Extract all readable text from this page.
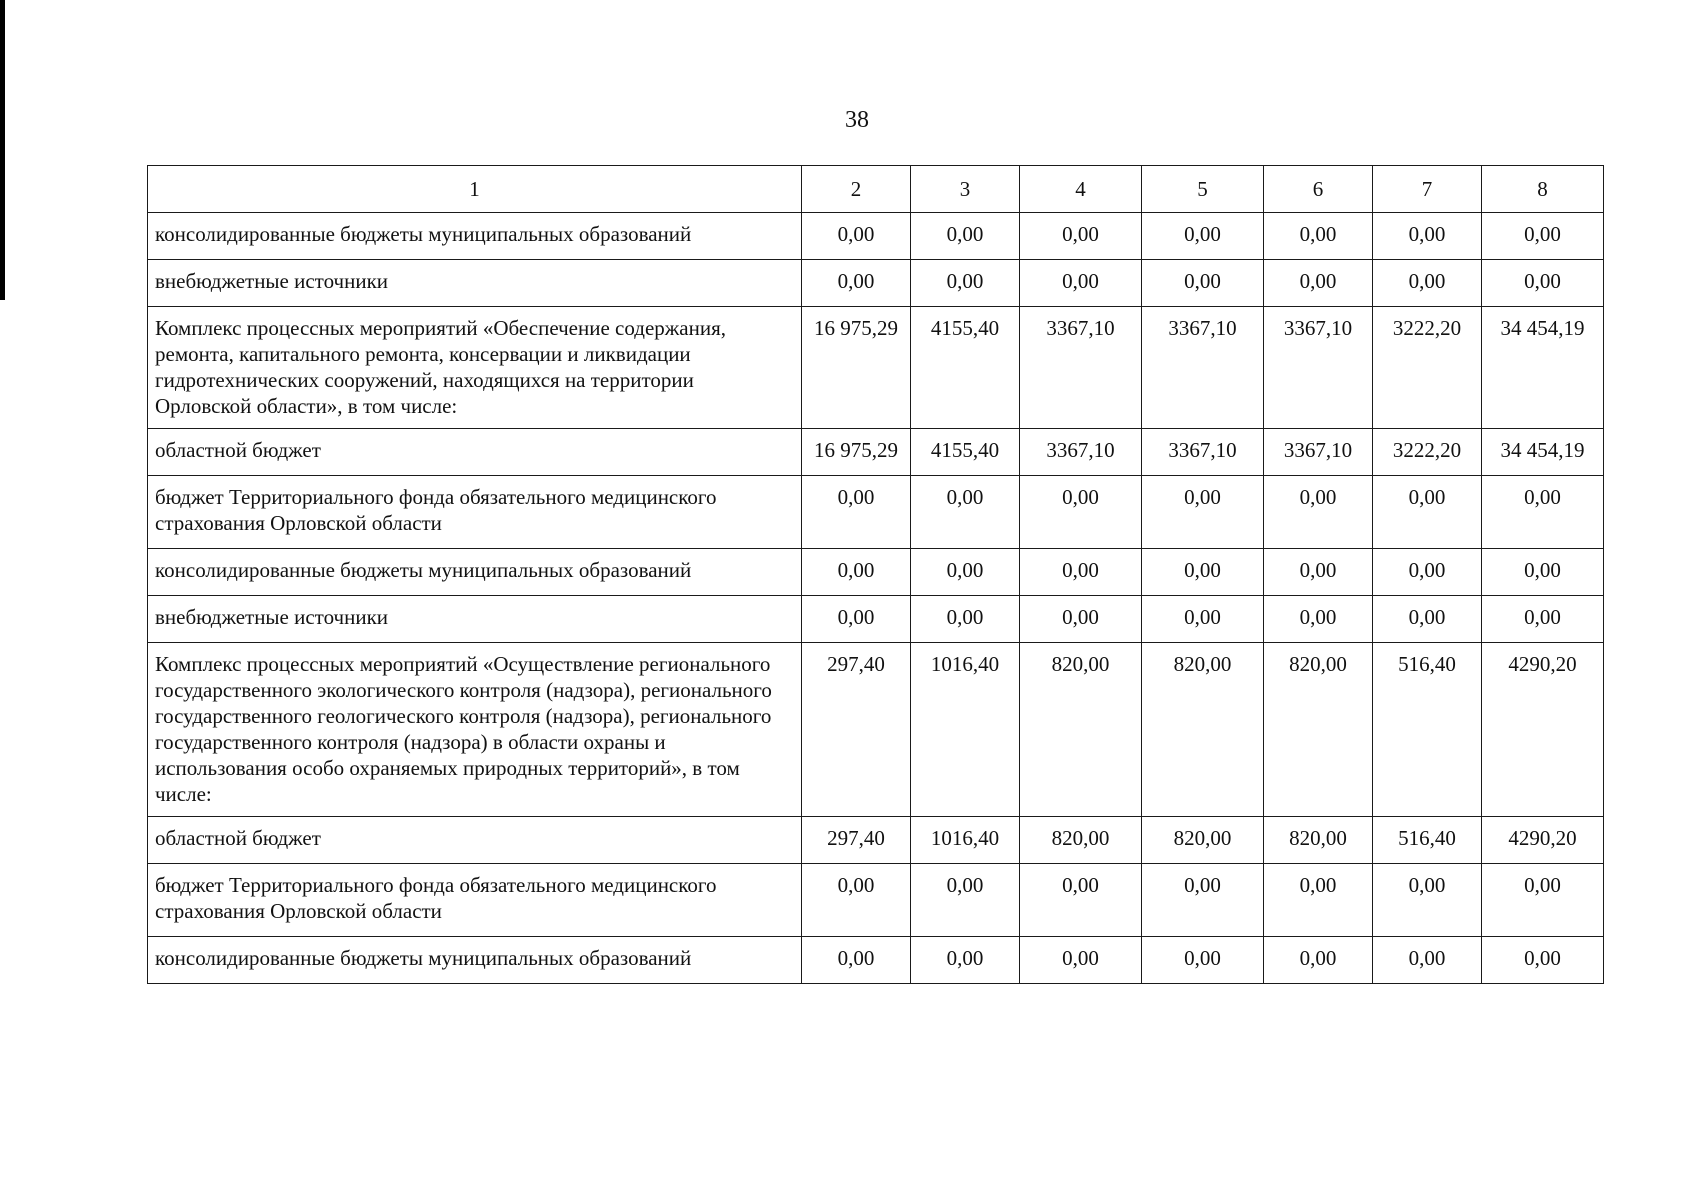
38
1	2	3	4	5	6	7	8
консолидированные бюджеты муниципальных образований	0,00	0,00	0,00	0,00	0,00	0,00	0,00
внебюджетные источники	0,00	0,00	0,00	0,00	0,00	0,00	0,00
Комплекс процессных мероприятий «Обеспечение содержания, ремонта, капитального ремонта, консервации и ликвидации гидротехнических сооружений, находящихся на территории Орловской области», в том числе:	16 975,29	4155,40	3367,10	3367,10	3367,10	3222,20	34 454,19
областной бюджет	16 975,29	4155,40	3367,10	3367,10	3367,10	3222,20	34 454,19
бюджет Территориального фонда обязательного медицинского страхования Орловской области	0,00	0,00	0,00	0,00	0,00	0,00	0,00
консолидированные бюджеты муниципальных образований	0,00	0,00	0,00	0,00	0,00	0,00	0,00
внебюджетные источники	0,00	0,00	0,00	0,00	0,00	0,00	0,00
Комплекс процессных мероприятий «Осуществление регионального государственного экологического контроля (надзора), регионального государственного геологического контроля (надзора), регионального государственного контроля (надзора) в области охраны и использования особо охраняемых природных территорий», в том числе:	297,40	1016,40	820,00	820,00	820,00	516,40	4290,20
областной бюджет	297,40	1016,40	820,00	820,00	820,00	516,40	4290,20
бюджет Территориального фонда обязательного медицинского страхования Орловской области	0,00	0,00	0,00	0,00	0,00	0,00	0,00
консолидированные бюджеты муниципальных образований	0,00	0,00	0,00	0,00	0,00	0,00	0,00
